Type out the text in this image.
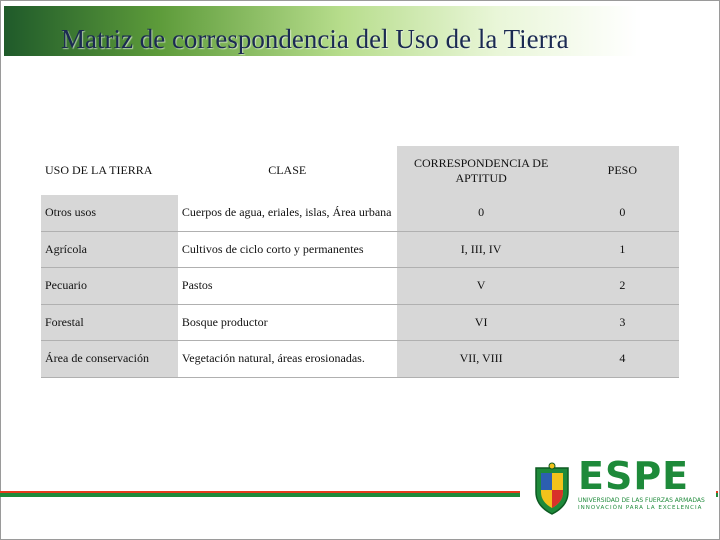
Matriz de correspondencia del Uso de la Tierra
USO DE LA TIERRA	CLASE	CORRESPONDENCIA DE APTITUD	PESO
Otros usos	Cuerpos de agua, eriales, islas, Área urbana	0	0
Agrícola	Cultivos de ciclo corto y permanentes	I, III, IV	1
Pecuario	Pastos	V	2
Forestal	Bosque productor	VI	3
Área de conservación	Vegetación natural, áreas erosionadas.	VII, VIII	4

ESPE

UNIVERSIDAD DE LAS FUERZAS ARMADAS

INNOVACIÓN PARA LA EXCELENCIA
